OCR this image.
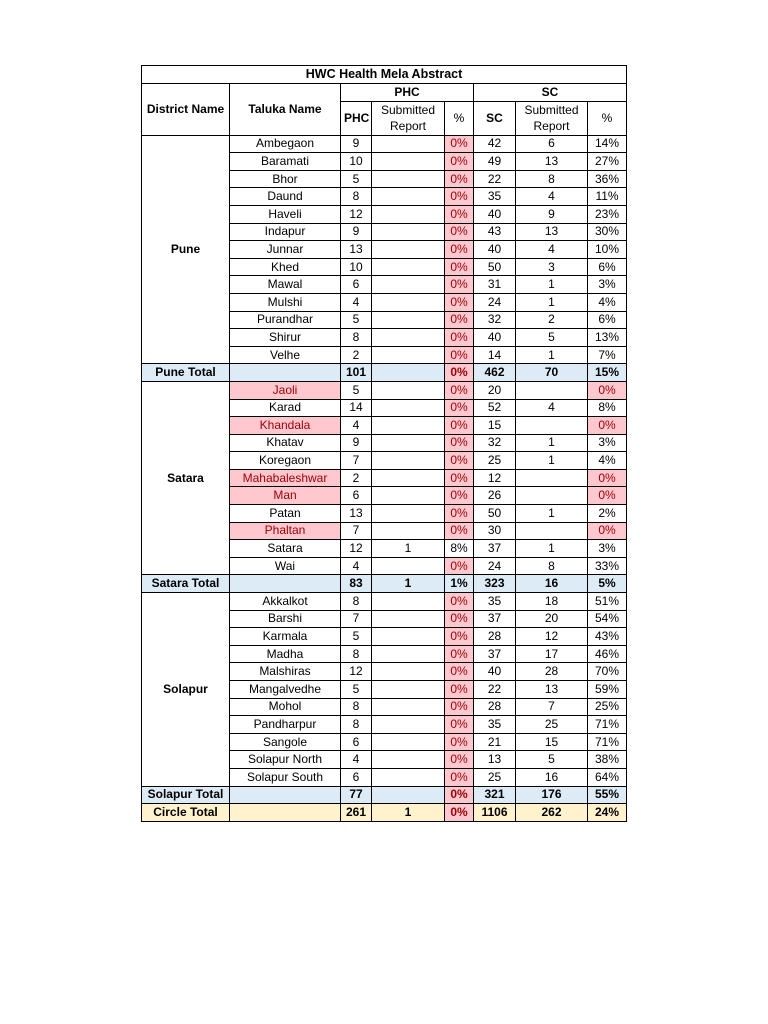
HWC Health Mela Abstract							
District Name	Taluka Name	PHC			SC		
		PHC	Submitted Report	%	SC	Submitted Report	%
Pune	Ambegaon	9		0%	42	6	14%
	Baramati	10		0%	49	13	27%
	Bhor	5		0%	22	8	36%
	Daund	8		0%	35	4	11%
	Haveli	12		0%	40	9	23%
	Indapur	9		0%	43	13	30%
	Junnar	13		0%	40	4	10%
	Khed	10		0%	50	3	6%
	Mawal	6		0%	31	1	3%
	Mulshi	4		0%	24	1	4%
	Purandhar	5		0%	32	2	6%
	Shirur	8		0%	40	5	13%
	Velhe	2		0%	14	1	7%
Pune Total		101		0%	462	70	15%
Satara	Jaoli	5		0%	20		0%
	Karad	14		0%	52	4	8%
	Khandala	4		0%	15		0%
	Khatav	9		0%	32	1	3%
	Koregaon	7		0%	25	1	4%
	Mahabaleshwar	2		0%	12		0%
	Man	6		0%	26		0%
	Patan	13		0%	50	1	2%
	Phaltan	7		0%	30		0%
	Satara	12	1	8%	37	1	3%
	Wai	4		0%	24	8	33%
Satara Total		83	1	1%	323	16	5%
Solapur	Akkalkot	8		0%	35	18	51%
	Barshi	7		0%	37	20	54%
	Karmala	5		0%	28	12	43%
	Madha	8		0%	37	17	46%
	Malshiras	12		0%	40	28	70%
	Mangalvedhe	5		0%	22	13	59%
	Mohol	8		0%	28	7	25%
	Pandharpur	8		0%	35	25	71%
	Sangole	6		0%	21	15	71%
	Solapur North	4		0%	13	5	38%
	Solapur South	6		0%	25	16	64%
Solapur Total		77		0%	321	176	55%
Circle Total		261	1	0%	1106	262	24%
